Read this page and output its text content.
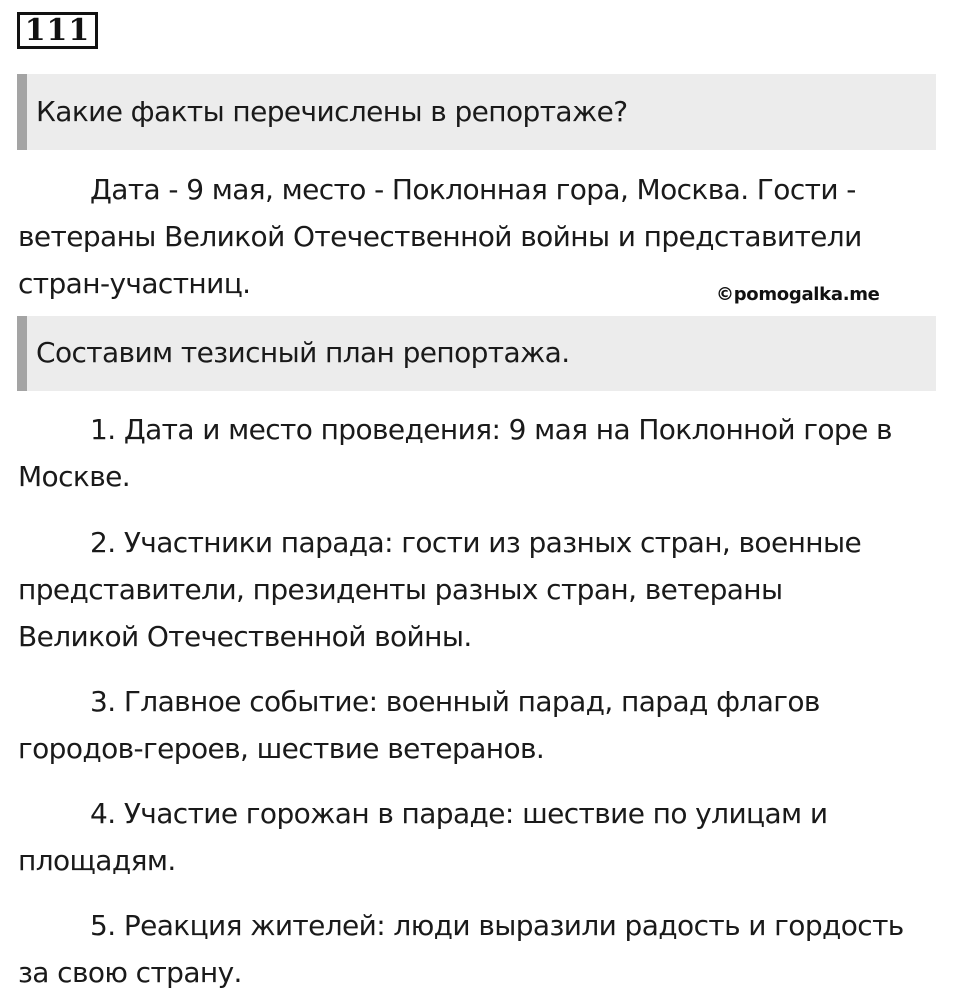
111
Какие факты перечислены в репортаже?

Дата - 9 мая, место - Поклонная гора, Москва. Гости -
ветераны Великой Отечественной войны и представители
стран-участниц.	©pomogalka.me
Составим тезисный план репортажа.

1. Дата и место проведения: 9 мая на Поклонной горе в
Москве.

2. Участники парада: гости из разных стран, военные
представители, президенты разных стран, ветераны
Великой Отечественной войны.

3. Главное событие: военный парад, парад флагов
городов-героев, шествие ветеранов.

4. Участие горожан в параде: шествие по улицам и
площадям.

5. Реакция жителей: люди выразили радость и гордость
за свою страну.
